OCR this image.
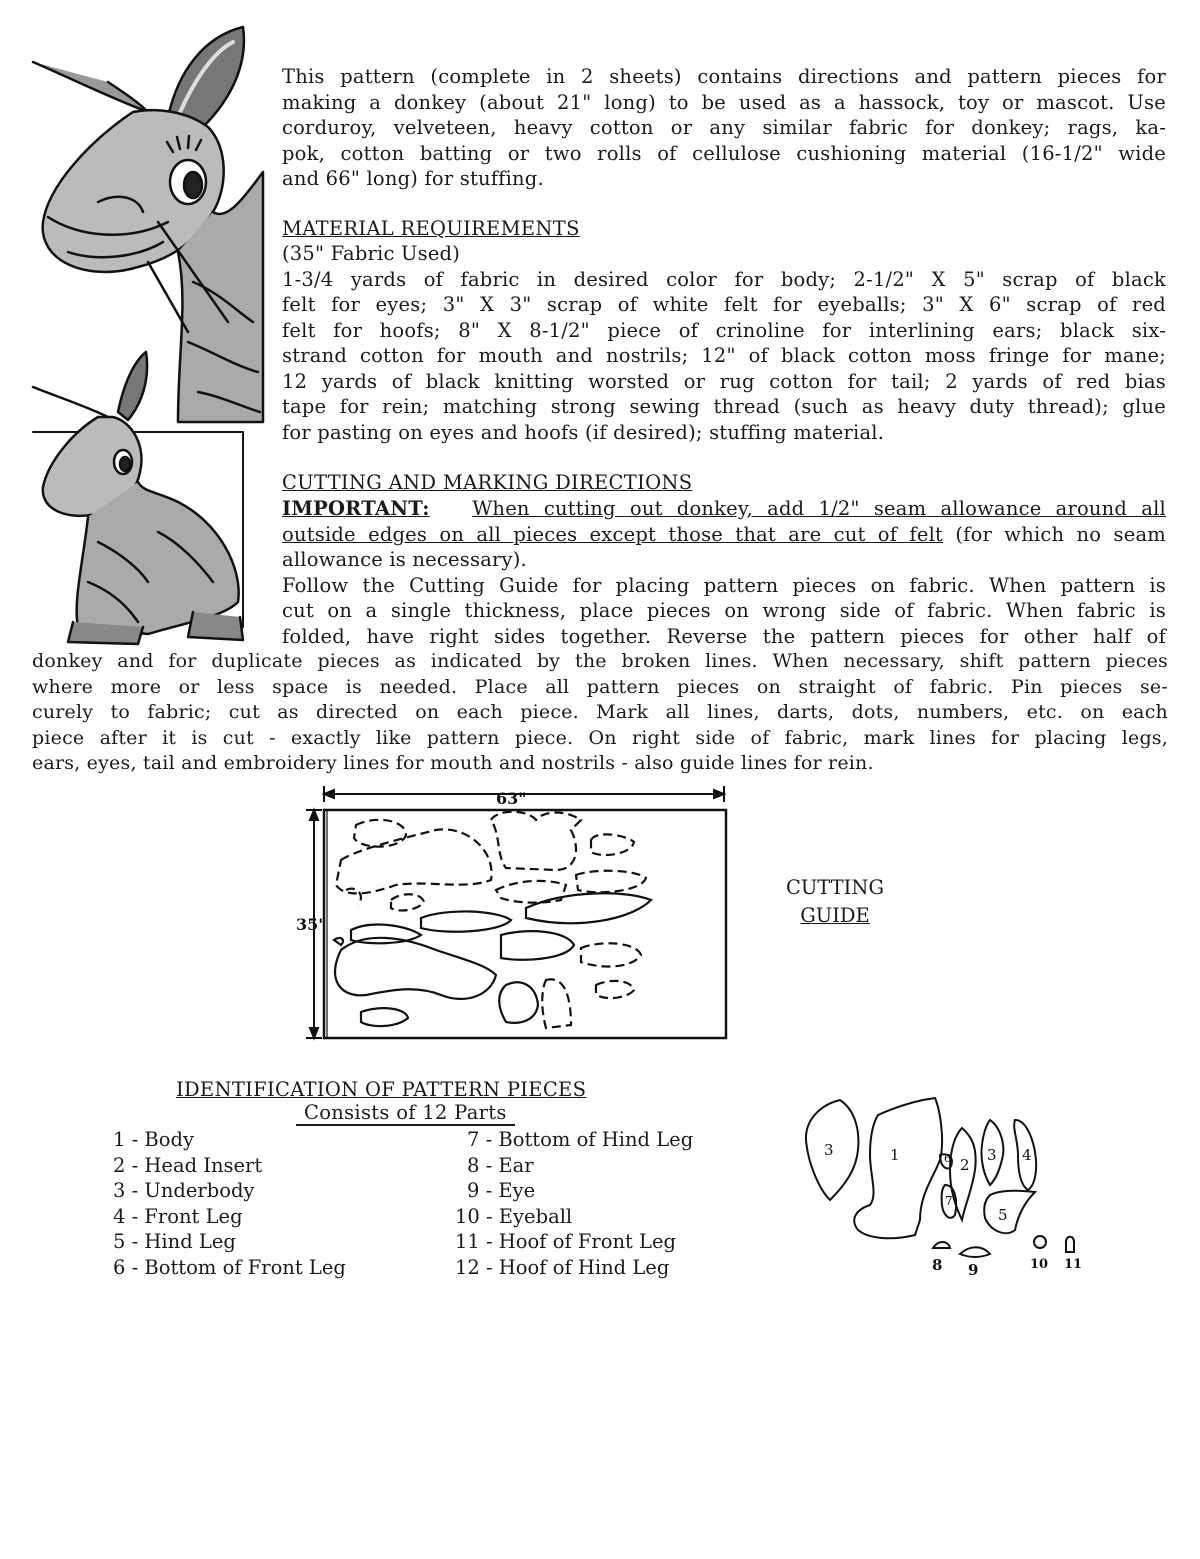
This pattern (complete in 2 sheets) contains directions and pattern pieces for
making a donkey (about 21" long) to be used as a hassock, toy or mascot. Use
corduroy, velveteen, heavy cotton or any similar fabric for donkey; rags, ka-
pok, cotton batting or two rolls of cellulose cushioning material (16-1/2" wide
and 66" long) for stuffing.
MATERIAL REQUIREMENTS
(35" Fabric Used)
1-3/4 yards of fabric in desired color for body; 2-1/2" X 5" scrap of black
felt for eyes; 3" X 3" scrap of white felt for eyeballs; 3" X 6" scrap of red
felt for hoofs; 8" X 8-1/2" piece of crinoline for interlining ears; black six-
strand cotton for mouth and nostrils; 12" of black cotton moss fringe for mane;
12 yards of black knitting worsted or rug cotton for tail; 2 yards of red bias
tape for rein; matching strong sewing thread (such as heavy duty thread); glue
for pasting on eyes and hoofs (if desired); stuffing material.
CUTTING AND MARKING DIRECTIONS
IMPORTANT: When cutting out donkey, add 1/2" seam allowance around all
outside edges on all pieces except those that are cut of felt (for which no seam
allowance is necessary).
Follow the Cutting Guide for placing pattern pieces on fabric. When pattern is
cut on a single thickness, place pieces on wrong side of fabric. When fabric is
folded, have right sides together. Reverse the pattern pieces for other half of
donkey and for duplicate pieces as indicated by the broken lines. When necessary, shift pattern pieces
where more or less space is needed. Place all pattern pieces on straight of fabric. Pin pieces se-
curely to fabric; cut as directed on each piece. Mark all lines, darts, dots, numbers, etc. on each
piece after it is cut - exactly like pattern piece. On right side of fabric, mark lines for placing legs,
ears, eyes, tail and embroidery lines for mouth and nostrils - also guide lines for rein.
63"
35"
CUTTING
GUIDE
IDENTIFICATION OF PATTERN PIECES
Consists of 12 Parts
1 - Body
2 - Head Insert
3 - Underbody
4 - Front Leg
5 - Hind Leg
6 - Bottom of Front Leg
7 - Bottom of Hind Leg
8 - Ear
9 - Eye
10 - Eyeball
11 - Hoof of Front Leg
12 - Hoof of Hind Leg
3	1	6 2
3 4
7
5
8 9	10 11
